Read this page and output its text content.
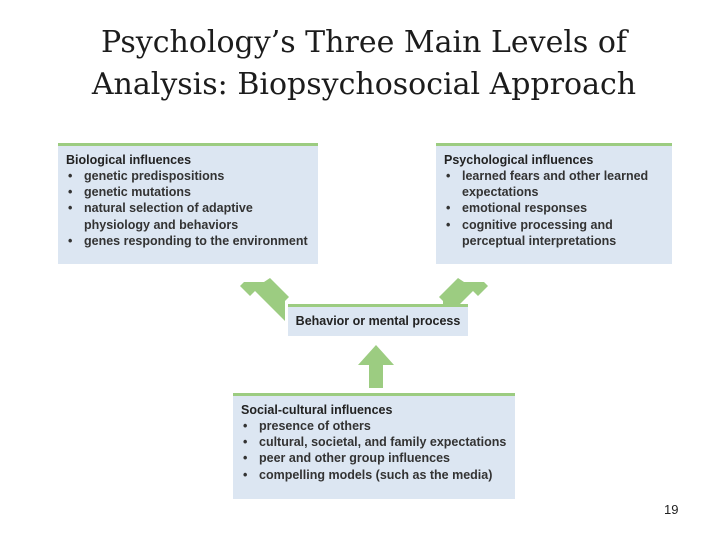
Psychology’s Three Main Levels of
Analysis: Biopsychosocial Approach
Biological influences
• genetic predispositions
• genetic mutations
• natural selection of adaptive physiology and behaviors
• genes responding to the environment
Psychological influences
• learned fears and other learned expectations
• emotional responses
• cognitive processing and perceptual interpretations
Behavior or mental process
Social-cultural influences
• presence of others
• cultural, societal, and family expectations
• peer and other group influences
• compelling models (such as the media)
19
